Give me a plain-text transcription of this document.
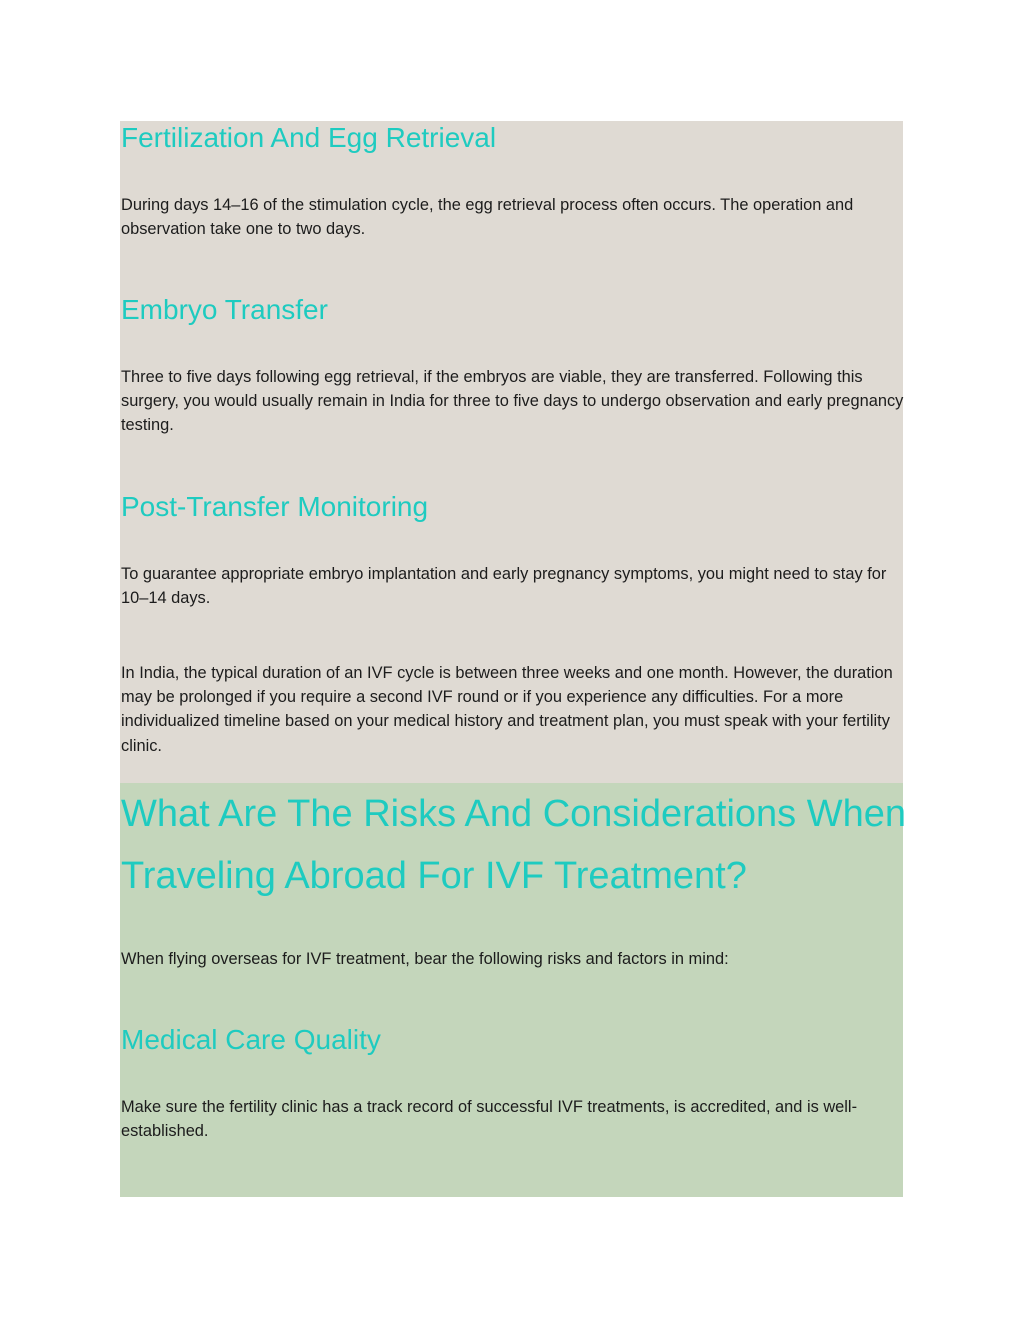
Fertilization And Egg Retrieval

During days 14–16 of the stimulation cycle, the egg retrieval process often occurs. The operation and observation take one to two days.

Embryo Transfer

Three to five days following egg retrieval, if the embryos are viable, they are transferred. Following this surgery, you would usually remain in India for three to five days to undergo observation and early pregnancy testing.

Post-Transfer Monitoring

To guarantee appropriate embryo implantation and early pregnancy symptoms, you might need to stay for 10–14 days.

In India, the typical duration of an IVF cycle is between three weeks and one month. However, the duration may be prolonged if you require a second IVF round or if you experience any difficulties. For a more individualized timeline based on your medical history and treatment plan, you must speak with your fertility clinic.

What Are The Risks And Considerations When Traveling Abroad For IVF Treatment?

When flying overseas for IVF treatment, bear the following risks and factors in mind:

Medical Care Quality

Make sure the fertility clinic has a track record of successful IVF treatments, is accredited, and is well-established.
